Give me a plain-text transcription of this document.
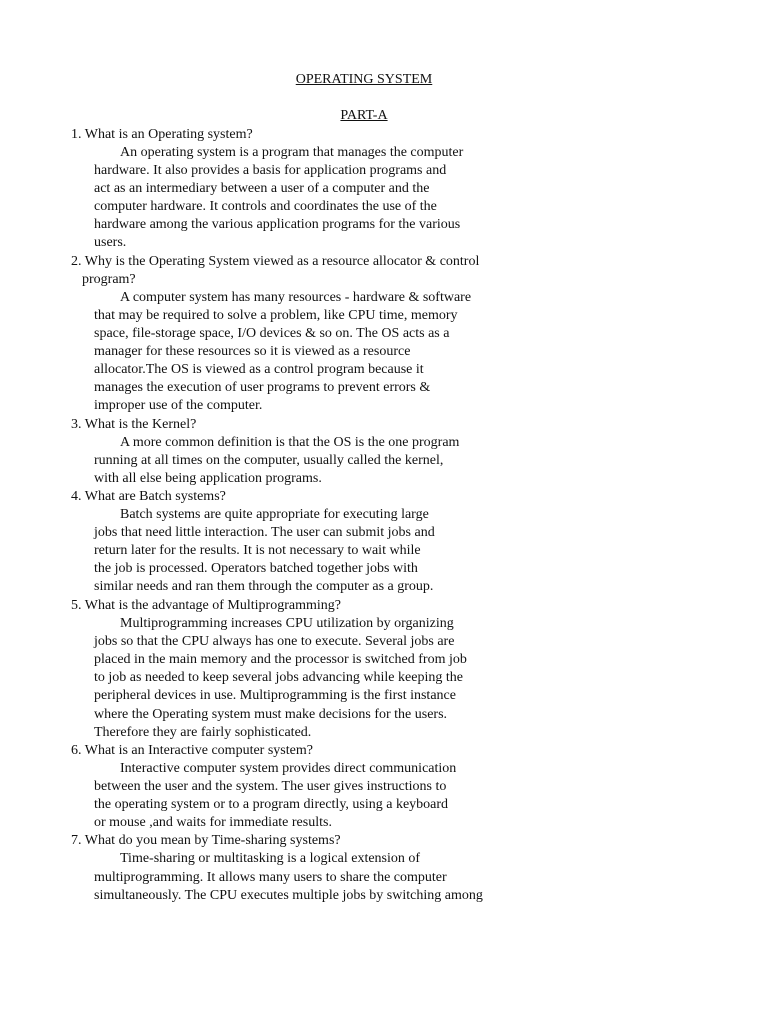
OPERATING SYSTEM
PART-A
1. What is an Operating system?
An operating system is a program that manages the computer
hardware. It also provides a basis for application programs and
act as an intermediary between a user of a computer and the
computer hardware. It controls and coordinates the use of the
hardware among the various application programs for the various
users.
2. Why is the Operating System viewed as a resource allocator & control
program?
A computer system has many resources - hardware & software
that may be required to solve a problem, like CPU time, memory
space, file-storage space, I/O devices & so on. The OS acts as a
manager for these resources so it is viewed as a resource
allocator.The OS is viewed as a control program because it
manages the execution of user programs to prevent errors &
improper use of the computer.
3. What is the Kernel?
A more common definition is that the OS is the one program
running at all times on the computer, usually called the kernel,
with all else being application programs.
4. What are Batch systems?
Batch systems are quite appropriate for executing large
jobs that need little interaction. The user can submit jobs and
return later for the results. It is not necessary to wait while
the job is processed. Operators batched together jobs with
similar needs and ran them through the computer as a group.
5. What is the advantage of Multiprogramming?
Multiprogramming increases CPU utilization by organizing
jobs so that the CPU always has one to execute. Several jobs are
placed in the main memory and the processor is switched from job
to job as needed to keep several jobs advancing while keeping the
peripheral devices in use. Multiprogramming is the first instance
where the Operating system must make decisions for the users.
Therefore they are fairly sophisticated.
6. What is an Interactive computer system?
Interactive computer system provides direct communication
between the user and the system. The user gives instructions to
the operating system or to a program directly, using a keyboard
or mouse ,and waits for immediate results.
7. What do you mean by Time-sharing systems?
Time-sharing or multitasking is a logical extension of
multiprogramming. It allows many users to share the computer
simultaneously. The CPU executes multiple jobs by switching among
